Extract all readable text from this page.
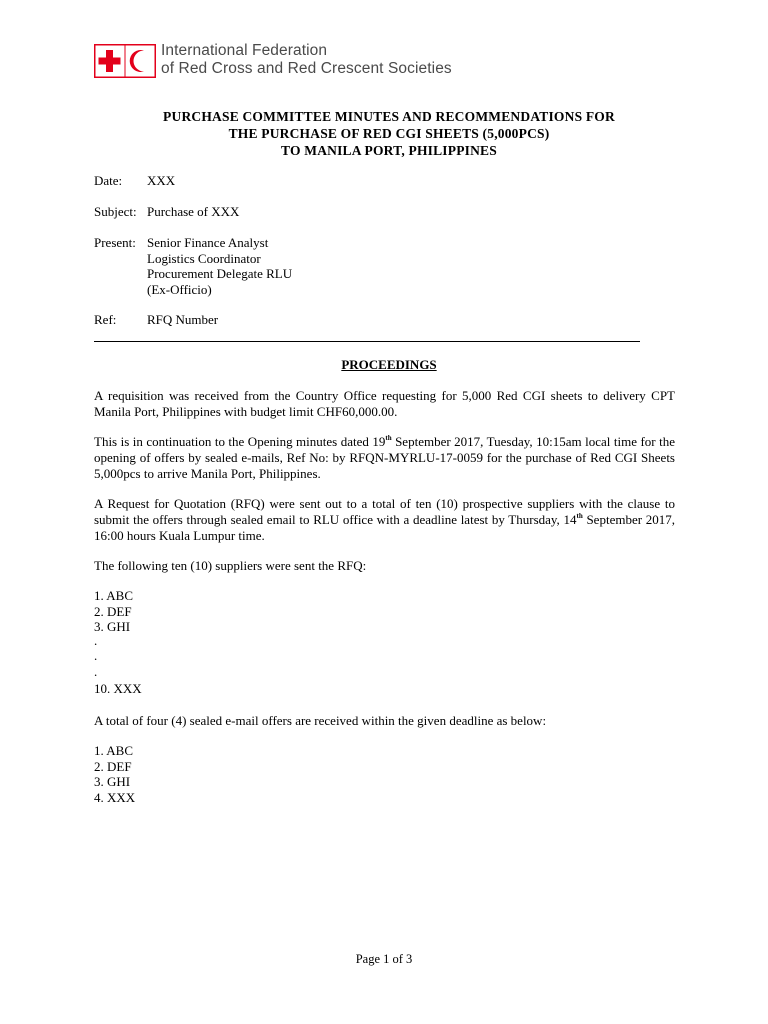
International Federation
of Red Cross and Red Crescent Societies
PURCHASE COMMITTEE MINUTES AND RECOMMENDATIONS FOR
THE PURCHASE OF RED CGI SHEETS (5,000PCS)
TO MANILA PORT, PHILIPPINES
Date:	XXX
Subject: Purchase of XXX
Present: Senior Finance Analyst
Logistics Coordinator
Procurement Delegate RLU
(Ex-Officio)
Ref:	RFQ Number
PROCEEDINGS
A requisition was received from the Country Office requesting for 5,000 Red CGI sheets to delivery CPT Manila Port, Philippines with budget limit CHF60,000.00.
This is in continuation to the Opening minutes dated 19th September 2017, Tuesday, 10:15am local time for the opening of offers by sealed e-mails, Ref No: by RFQN-MYRLU-17-0059 for the purchase of Red CGI Sheets 5,000pcs to arrive Manila Port, Philippines.
A Request for Quotation (RFQ) were sent out to a total of ten (10) prospective suppliers with the clause to submit the offers through sealed email to RLU office with a deadline latest by Thursday, 14th September 2017, 16:00 hours Kuala Lumpur time.
The following ten (10) suppliers were sent the RFQ:
1. ABC
2. DEF
3. GHI
.
.
.
10. XXX
A total of four (4) sealed e-mail offers are received within the given deadline as below:
1. ABC
2. DEF
3. GHI
4. XXX
Page 1 of 3
